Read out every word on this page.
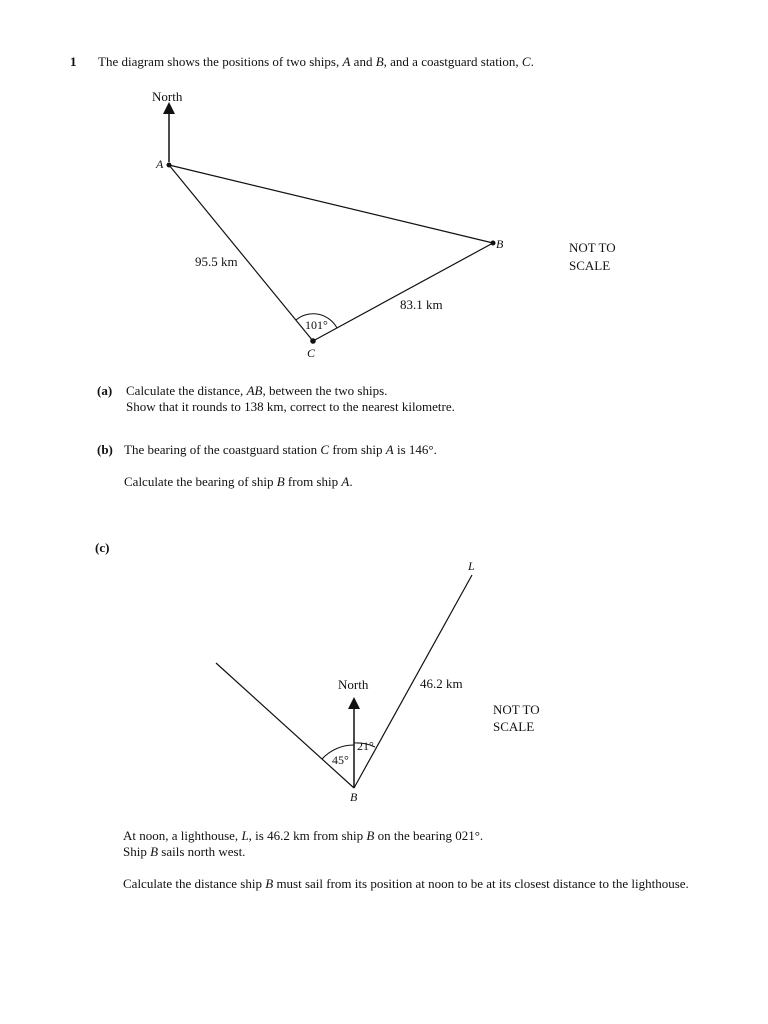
1 The diagram shows the positions of two ships, A and B, and a coastguard station, C.
North
A
B
C
95.5 km
83.1 km
101°
NOT TO
SCALE
(a) Calculate the distance, AB, between the two ships.
Show that it rounds to 138 km, correct to the nearest kilometre.
(b) The bearing of the coastguard station C from ship A is 146°.
Calculate the bearing of ship B from ship A.
(c)
North
L
B
46.2 km
21°
45°
NOT TO
SCALE
At noon, a lighthouse, L, is 46.2 km from ship B on the bearing 021°.
Ship B sails north west.
Calculate the distance ship B must sail from its position at noon to be at its closest distance to the lighthouse.
